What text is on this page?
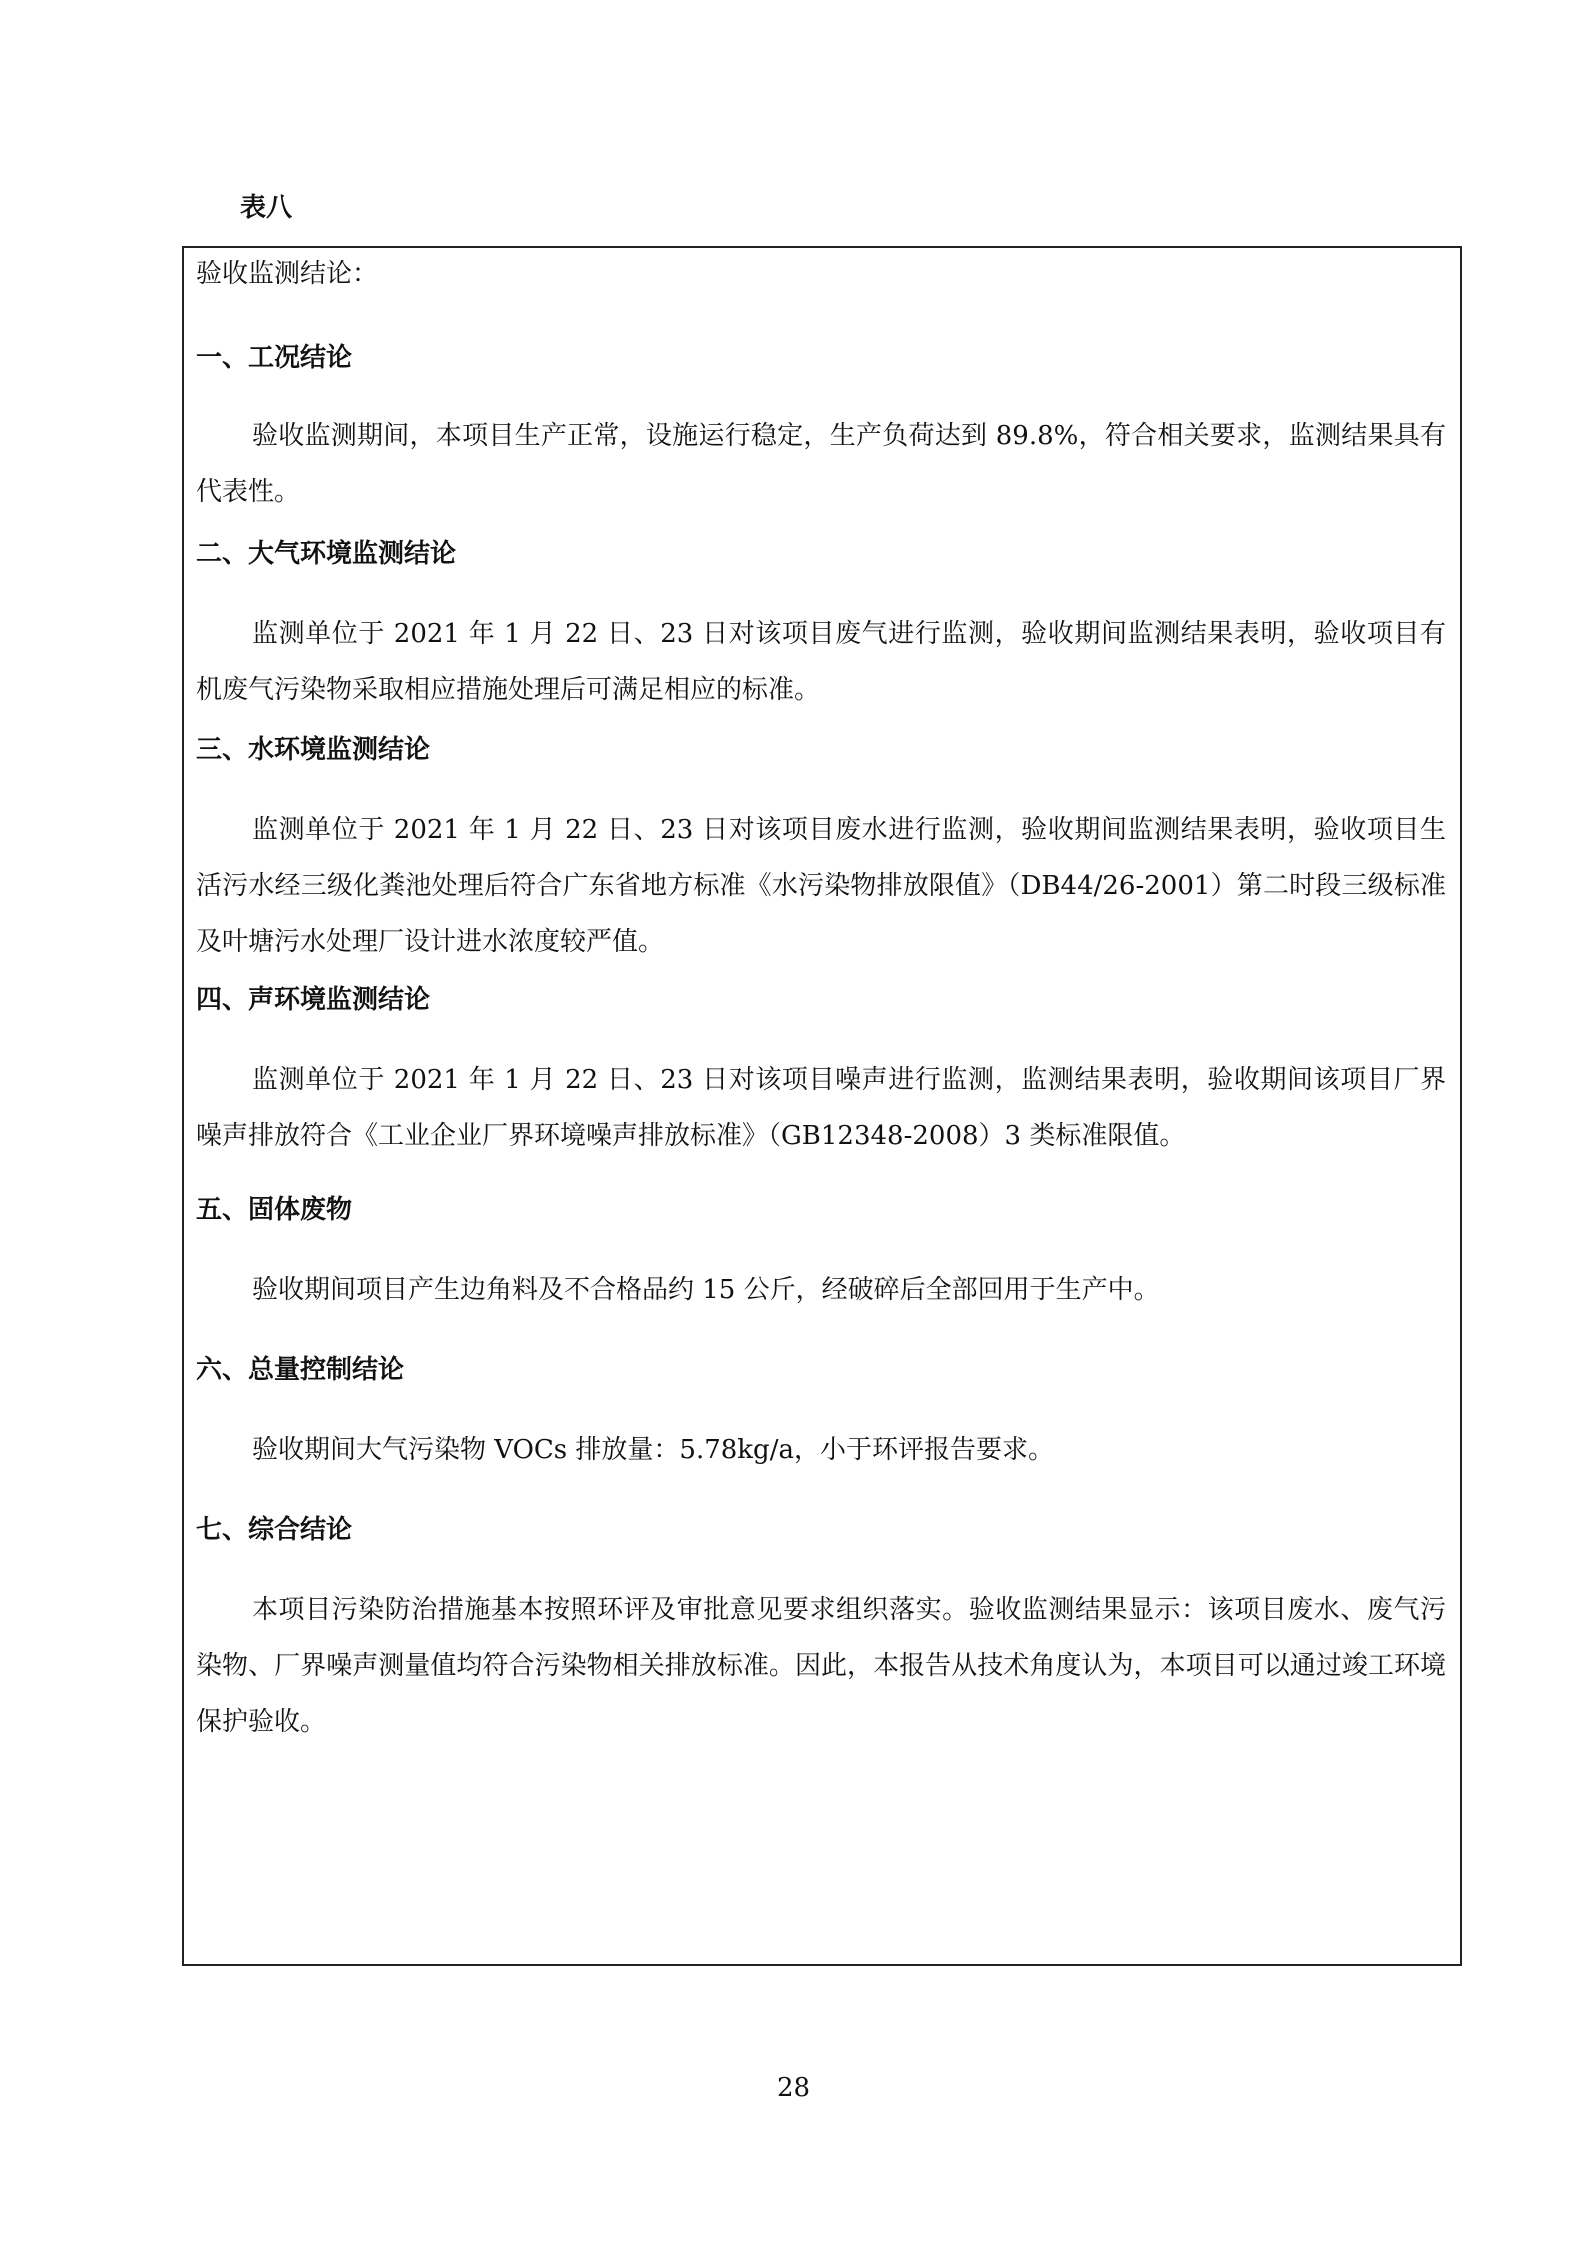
表八
验收监测结论：
一、工况结论

验收监测期间，本项目生产正常，设施运行稳定，生产负荷达到 89.8%，符合相关要求，监测结果具有代表性。

二、大气环境监测结论

监测单位于 2021 年 1 月 22 日、23 日对该项目废气进行监测，验收期间监测结果表明，验收项目有机废气污染物采取相应措施处理后可满足相应的标准。

三、水环境监测结论

监测单位于 2021 年 1 月 22 日、23 日对该项目废水进行监测，验收期间监测结果表明，验收项目生活污水经三级化粪池处理后符合广东省地方标准《水污染物排放限值》（DB44/26-2001）第二时段三级标准及叶塘污水处理厂设计进水浓度较严值。

四、声环境监测结论

监测单位于 2021 年 1 月 22 日、23 日对该项目噪声进行监测，监测结果表明，验收期间该项目厂界噪声排放符合《工业企业厂界环境噪声排放标准》（GB12348-2008）3 类标准限值。

五、固体废物

验收期间项目产生边角料及不合格品约 15 公斤，经破碎后全部回用于生产中。

六、总量控制结论

验收期间大气污染物 VOCs 排放量：5.78kg/a，小于环评报告要求。

七、综合结论

本项目污染防治措施基本按照环评及审批意见要求组织落实。验收监测结果显示：该项目废水、废气污染物、厂界噪声测量值均符合污染物相关排放标准。因此，本报告从技术角度认为，本项目可以通过竣工环境保护验收。

28
